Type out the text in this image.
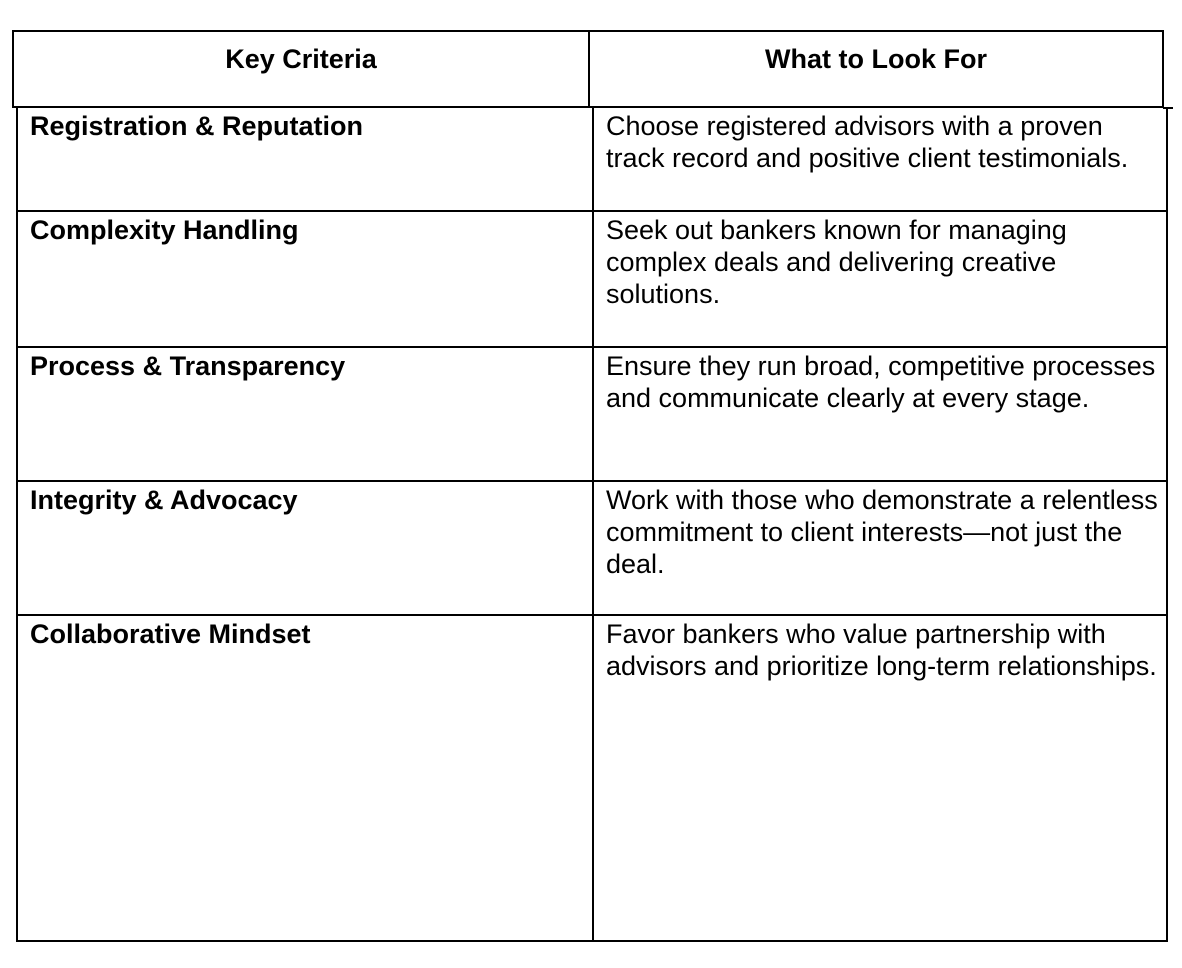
Key Criteria	What to Look For
Registration & Reputation	Choose registered advisors with a proven track record and positive client testimonials.
Complexity Handling	Seek out bankers known for managing complex deals and delivering creative solutions.
Process & Transparency	Ensure they run broad, competitive processes and communicate clearly at every stage.
Integrity & Advocacy	Work with those who demonstrate a relentless commitment to client interests—not just the deal.
Collaborative Mindset	Favor bankers who value partnership with advisors and prioritize long-term relationships.
